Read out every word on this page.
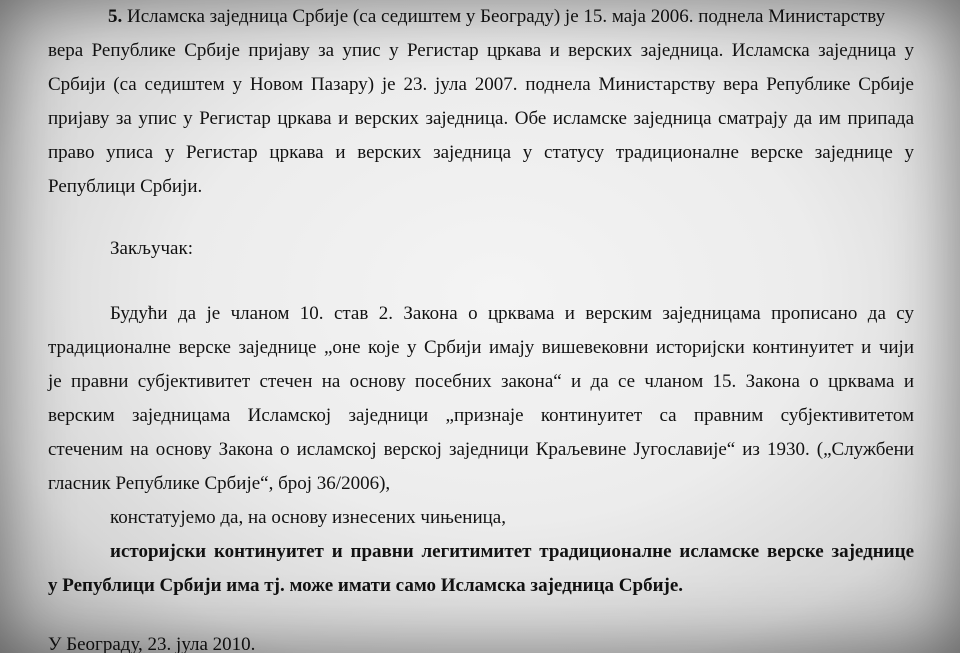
5. Исламска заједница Србије (са седиштем у Београду) је 15. маја 2006. поднела Министарству
вера Републике Србије пријаву за упис у Регистар цркава и верских заједница. Исламска заједница у
Србији (са седиштем у Новом Пазару) је 23. јула 2007. поднела Министарству вера Републике Србије
пријаву за упис у Регистар цркава и верских заједница. Обе исламске заједница сматрају да им припада
право уписа у Регистар цркава и верских заједница у статусу традиционалне верске заједнице у
Републици Србији.
Закључак:
Будући да је чланом 10. став 2. Закона о црквама и верским заједницама прописано да су
традиционалне верске заједнице „оне које у Србији имају вишевековни историјски континуитет и чији
је правни субјективитет стечен на основу посебних закона“ и да се чланом 15. Закона о црквама и
верским заједницама Исламској заједници „признаје континуитет са правним субјективитетом
стеченим на основу Закона о исламској верској заједници Краљевине Југославије“ из 1930. („Службени
гласник Републике Србије“, број 36/2006),
констатујемо да, на основу изнесених чињеница,
историјски континуитет и правни легитимитет традиционалне исламске верске заједнице
у Републици Србији има тј. може имати само Исламска заједница Србије.
У Београду, 23. јула 2010.
